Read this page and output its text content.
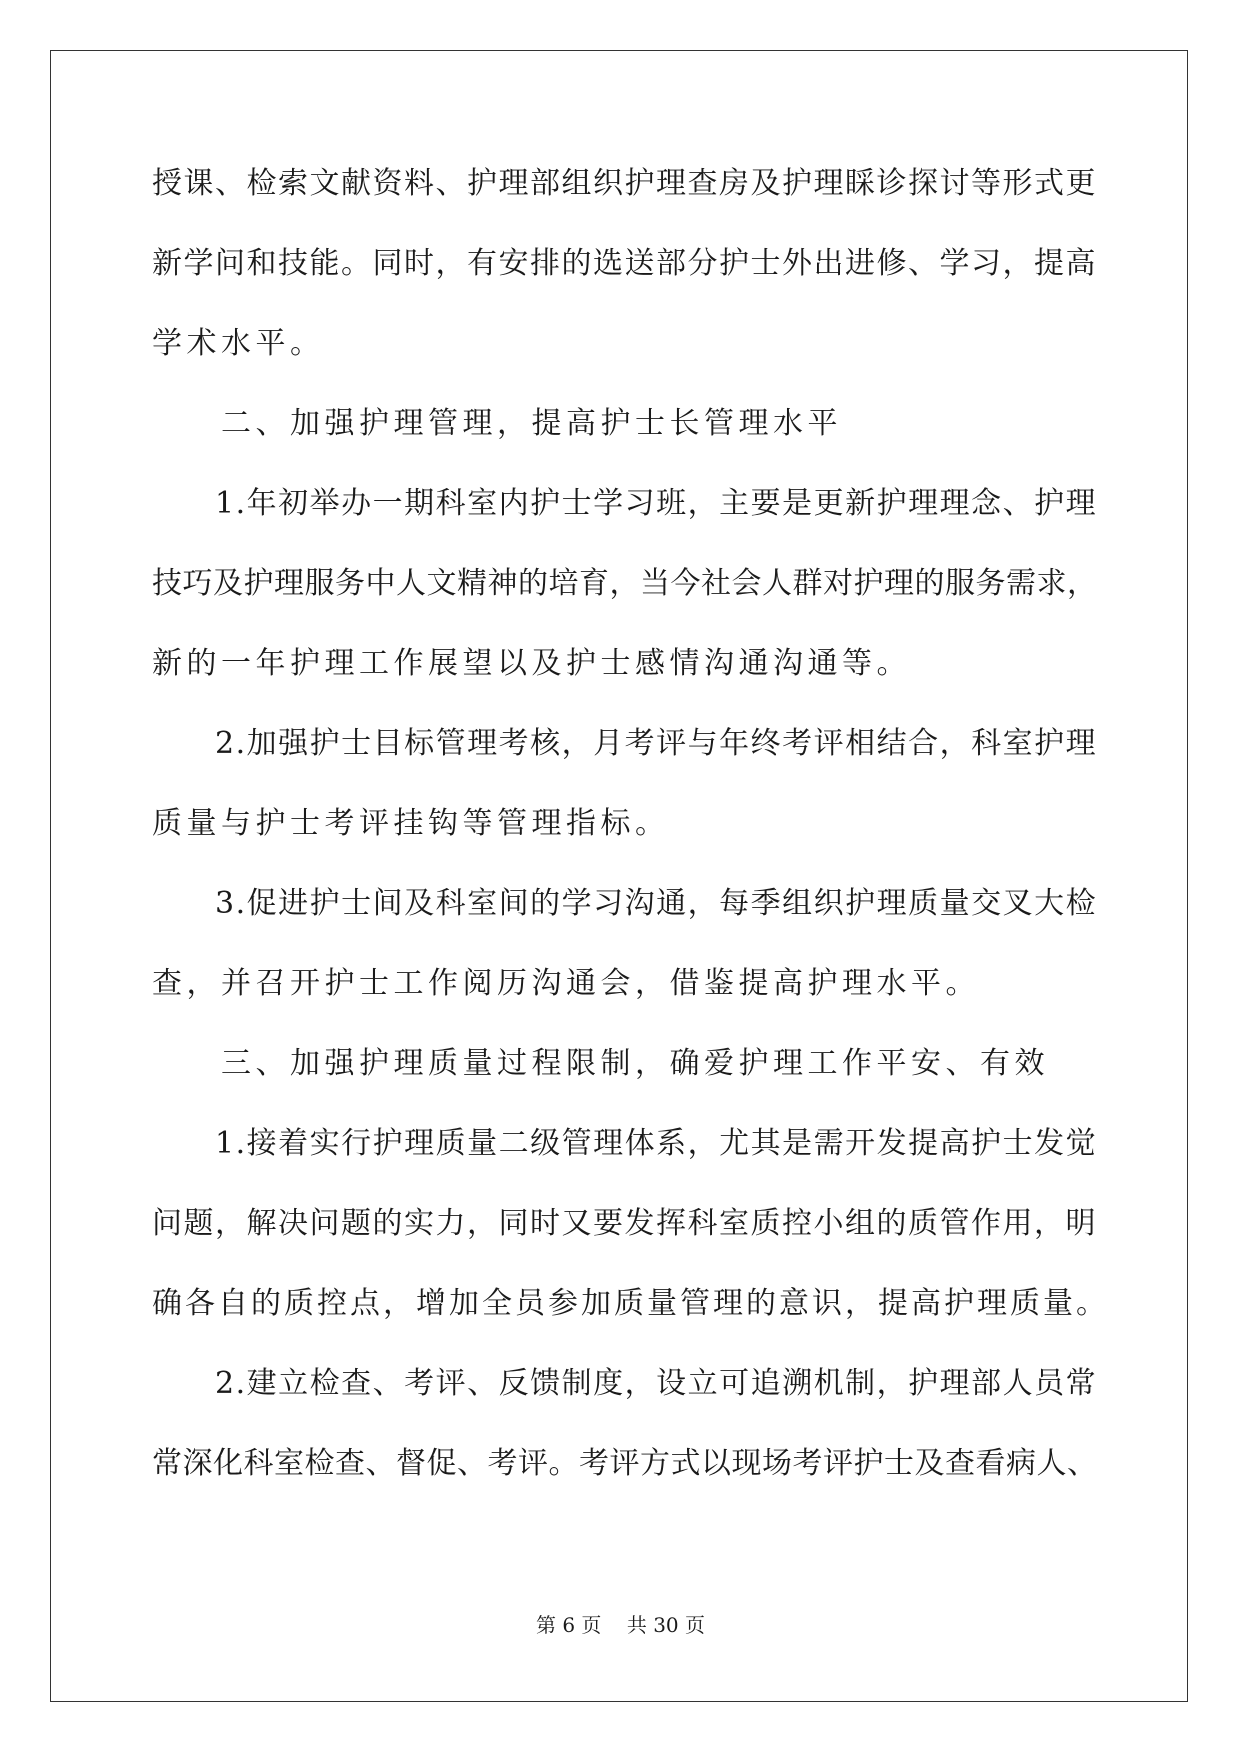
授课、检索文献资料、护理部组织护理查房及护理睬诊探讨等形式更
新学问和技能。同时，有安排的选送部分护士外出进修、学习，提高
学术水平。
　　二、加强护理管理，提高护士长管理水平
　　1.年初举办一期科室内护士学习班，主要是更新护理理念、护理
技巧及护理服务中人文精神的培育，当今社会人群对护理的服务需求，
新的一年护理工作展望以及护士感情沟通沟通等。
　　2.加强护士目标管理考核，月考评与年终考评相结合，科室护理
质量与护士考评挂钩等管理指标。
　　3.促进护士间及科室间的学习沟通，每季组织护理质量交叉大检
查，并召开护士工作阅历沟通会，借鉴提高护理水平。
　　三、加强护理质量过程限制，确爱护理工作平安、有效
　　1.接着实行护理质量二级管理体系，尤其是需开发提高护士发觉
问题，解决问题的实力，同时又要发挥科室质控小组的质管作用，明
确各自的质控点，增加全员参加质量管理的意识，提高护理质量。
　　2.建立检查、考评、反馈制度，设立可追溯机制，护理部人员常
常深化科室检查、督促、考评。考评方式以现场考评护士及查看病人、
第 6 页    共 30 页
